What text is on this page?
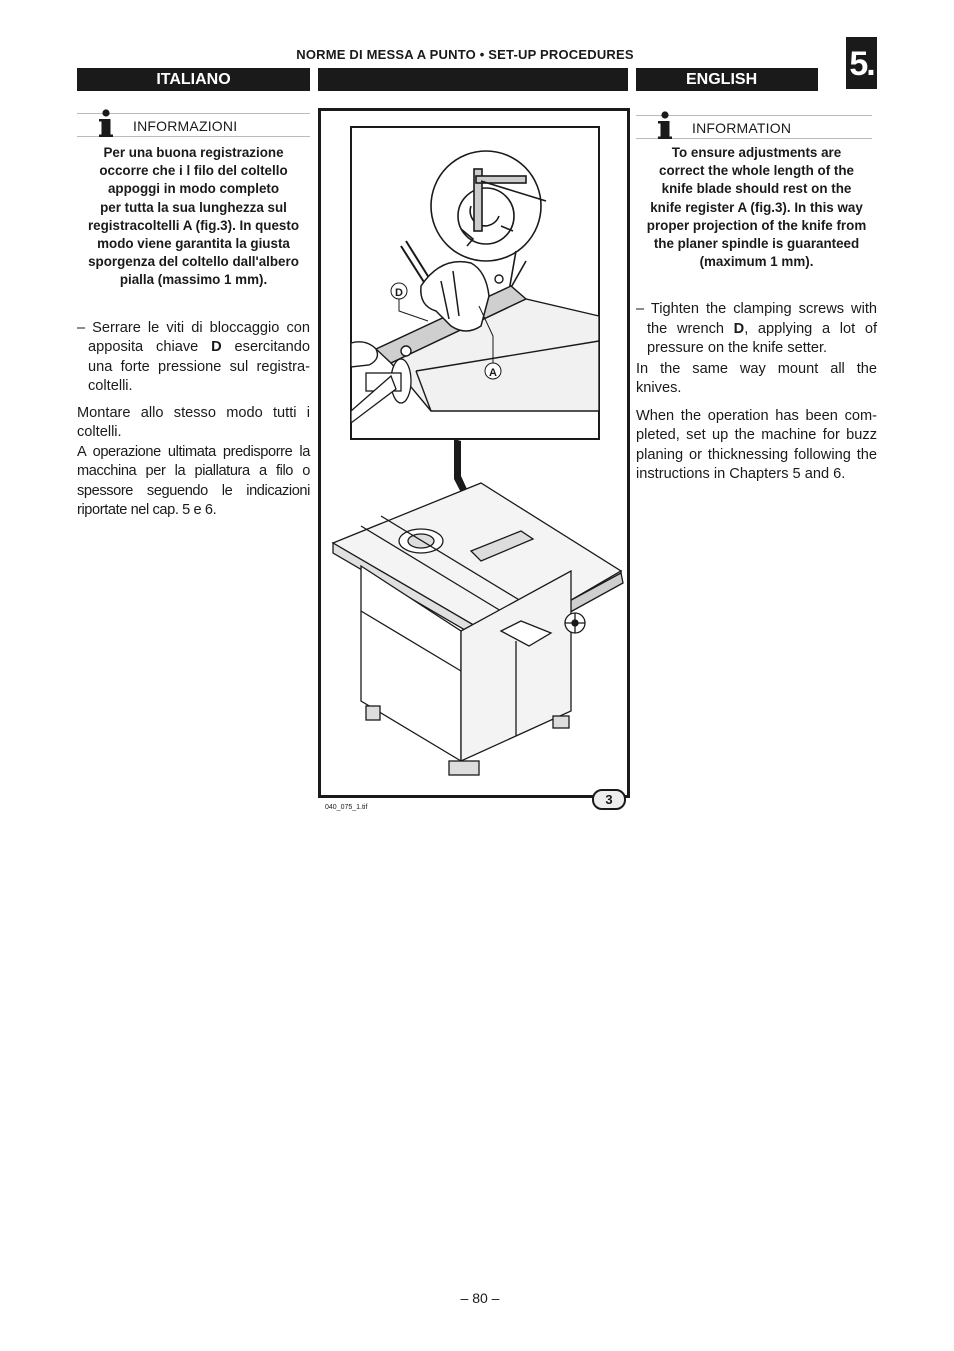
NORME DI MESSA A PUNTO • SET-UP PROCEDURES	5.
ITALIANO	ENGLISH
INFORMAZIONI
Per una buona registrazione
occorre che i l filo del coltello
appoggi in modo completo
per tutta la sua lunghezza sul
registracoltelli A (fig.3). In questo
modo viene garantita la giusta
sporgenza del coltello dall'albero
pialla (massimo 1 mm).
– Serrare le viti di bloccaggio con apposita chiave D esercitando una forte pressione sul registra-coltelli.
Montare allo stesso modo tutti i coltelli.
A operazione ultimata predisporre la macchina per la piallatura a filo o spessore seguendo le indicazioni riportate nel cap. 5 e 6.
INFORMATION
To ensure adjustments are
correct the whole length of the
knife blade should rest on the
knife register A (fig.3). In this way
proper projection of the knife from
the planer spindle is guaranteed
(maximum 1 mm).
– Tighten the clamping screws with the wrench D, applying a lot of pressure on the knife setter.
In the same way mount all the knives.
When the operation has been com-pleted, set up the machine for buzz planing or thicknessing following the instructions in Chapters 5 and 6.
D
A
3
040_075_1.tif
– 80 –
